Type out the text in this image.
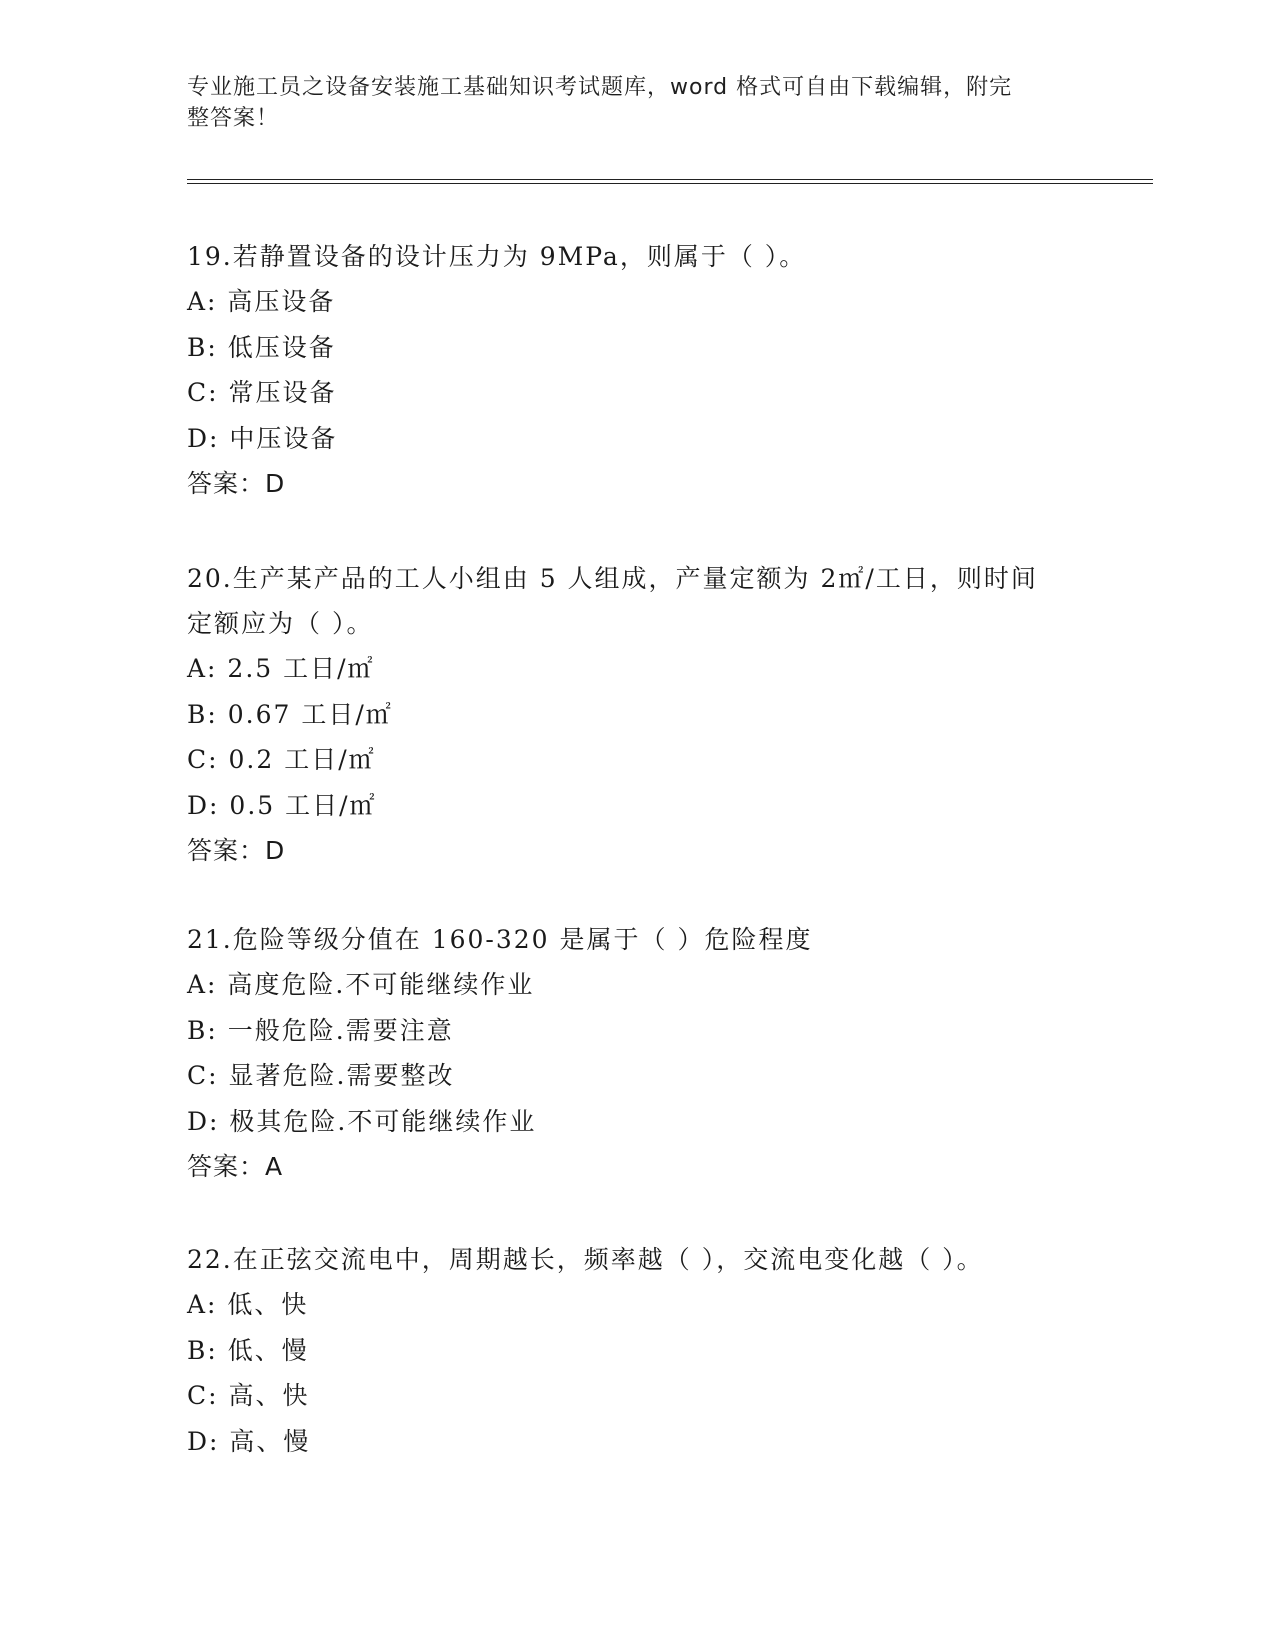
专业施工员之设备安装施工基础知识考试题库，word 格式可自由下载编辑，附完
整答案！
19.若静置设备的设计压力为 9MPa，则属于（ ）。
A: 高压设备
B: 低压设备
C: 常压设备
D: 中压设备
答案：D
20.生产某产品的工人小组由 5 人组成，产量定额为 2㎡/工日，则时间
定额应为（ ）。
A: 2.5 工日/㎡
B: 0.67 工日/㎡
C: 0.2 工日/㎡
D: 0.5 工日/㎡
答案：D
21.危险等级分值在 160-320 是属于（ ）危险程度
A: 高度危险.不可能继续作业
B: 一般危险.需要注意
C: 显著危险.需要整改
D: 极其危险.不可能继续作业
答案：A
22.在正弦交流电中，周期越长，频率越（ ），交流电变化越（ ）。
A: 低、快
B: 低、慢
C: 高、快
D: 高、慢
